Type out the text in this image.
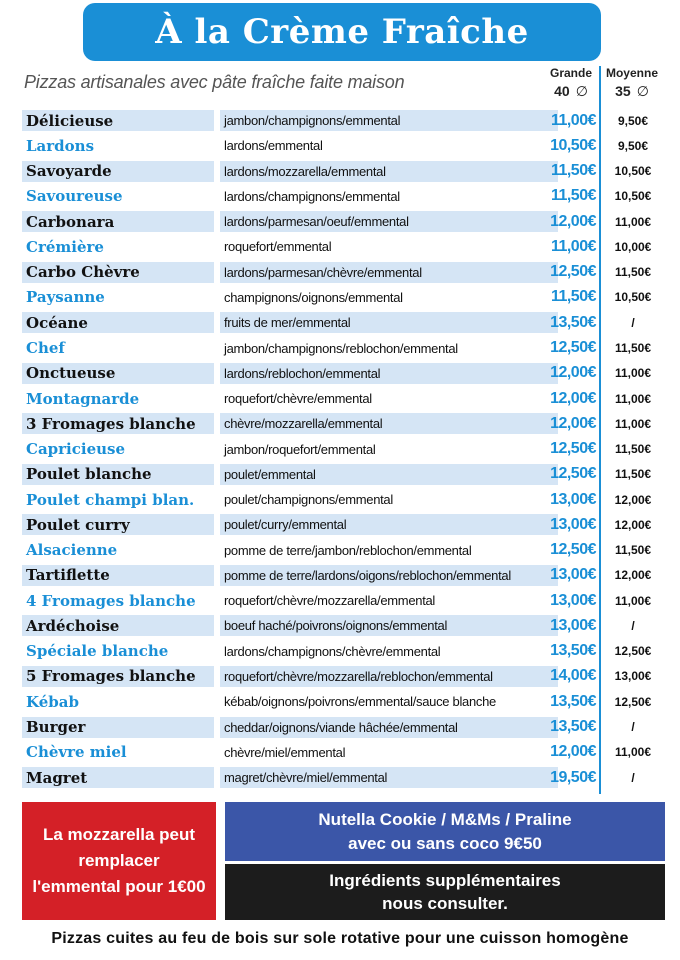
À la Crème Fraîche
Pizzas artisanales avec pâte fraîche faite maison	Grande
40 ∅
Moyenne
35 ∅
Délicieuse	jambon/champignons/emmental	11,00€	9,50€
Lardons	lardons/emmental	10,50€	9,50€
Savoyarde	lardons/mozzarella/emmental	11,50€	10,50€
Savoureuse	lardons/champignons/emmental	11,50€	10,50€
Carbonara	lardons/parmesan/oeuf/emmental	12,00€	11,00€
Crémière	roquefort/emmental	11,00€	10,00€
Carbo Chèvre	lardons/parmesan/chèvre/emmental	12,50€	11,50€
Paysanne	champignons/oignons/emmental	11,50€	10,50€
Océane	fruits de mer/emmental	13,50€	/
Chef	jambon/champignons/reblochon/emmental	12,50€	11,50€
Onctueuse	lardons/reblochon/emmental	12,00€	11,00€
Montagnarde	roquefort/chèvre/emmental	12,00€	11,00€
3 Fromages blanche	chèvre/mozzarella/emmental	12,00€	11,00€
Capricieuse	jambon/roquefort/emmental	12,50€	11,50€
Poulet blanche	poulet/emmental	12,50€	11,50€
Poulet champi blan.	poulet/champignons/emmental	13,00€	12,00€
Poulet curry	poulet/curry/emmental	13,00€	12,00€
Alsacienne	pomme de terre/jambon/reblochon/emmental	12,50€	11,50€
Tartiflette	pomme de terre/lardons/oigons/reblochon/emmental	13,00€	12,00€
4 Fromages blanche	roquefort/chèvre/mozzarella/emmental	13,00€	11,00€
Ardéchoise	boeuf haché/poivrons/oignons/emmental	13,00€	/
Spéciale blanche	lardons/champignons/chèvre/emmental	13,50€	12,50€
5 Fromages blanche	roquefort/chèvre/mozzarella/reblochon/emmental	14,00€	13,00€
Kébab	kébab/oignons/poivrons/emmental/sauce blanche	13,50€	12,50€
Burger	cheddar/oignons/viande hâchée/emmental	13,50€	/
Chèvre miel	chèvre/miel/emmental	12,00€	11,00€
Magret	magret/chèvre/miel/emmental	19,50€	/
La mozzarella peut remplacer l'emmental pour 1€00
Nutella Cookie / M&Ms / Praline
avec ou sans coco 9€50
Ingrédients supplémentaires
nous consulter.
Pizzas cuites au feu de bois sur sole rotative pour une cuisson homogène
